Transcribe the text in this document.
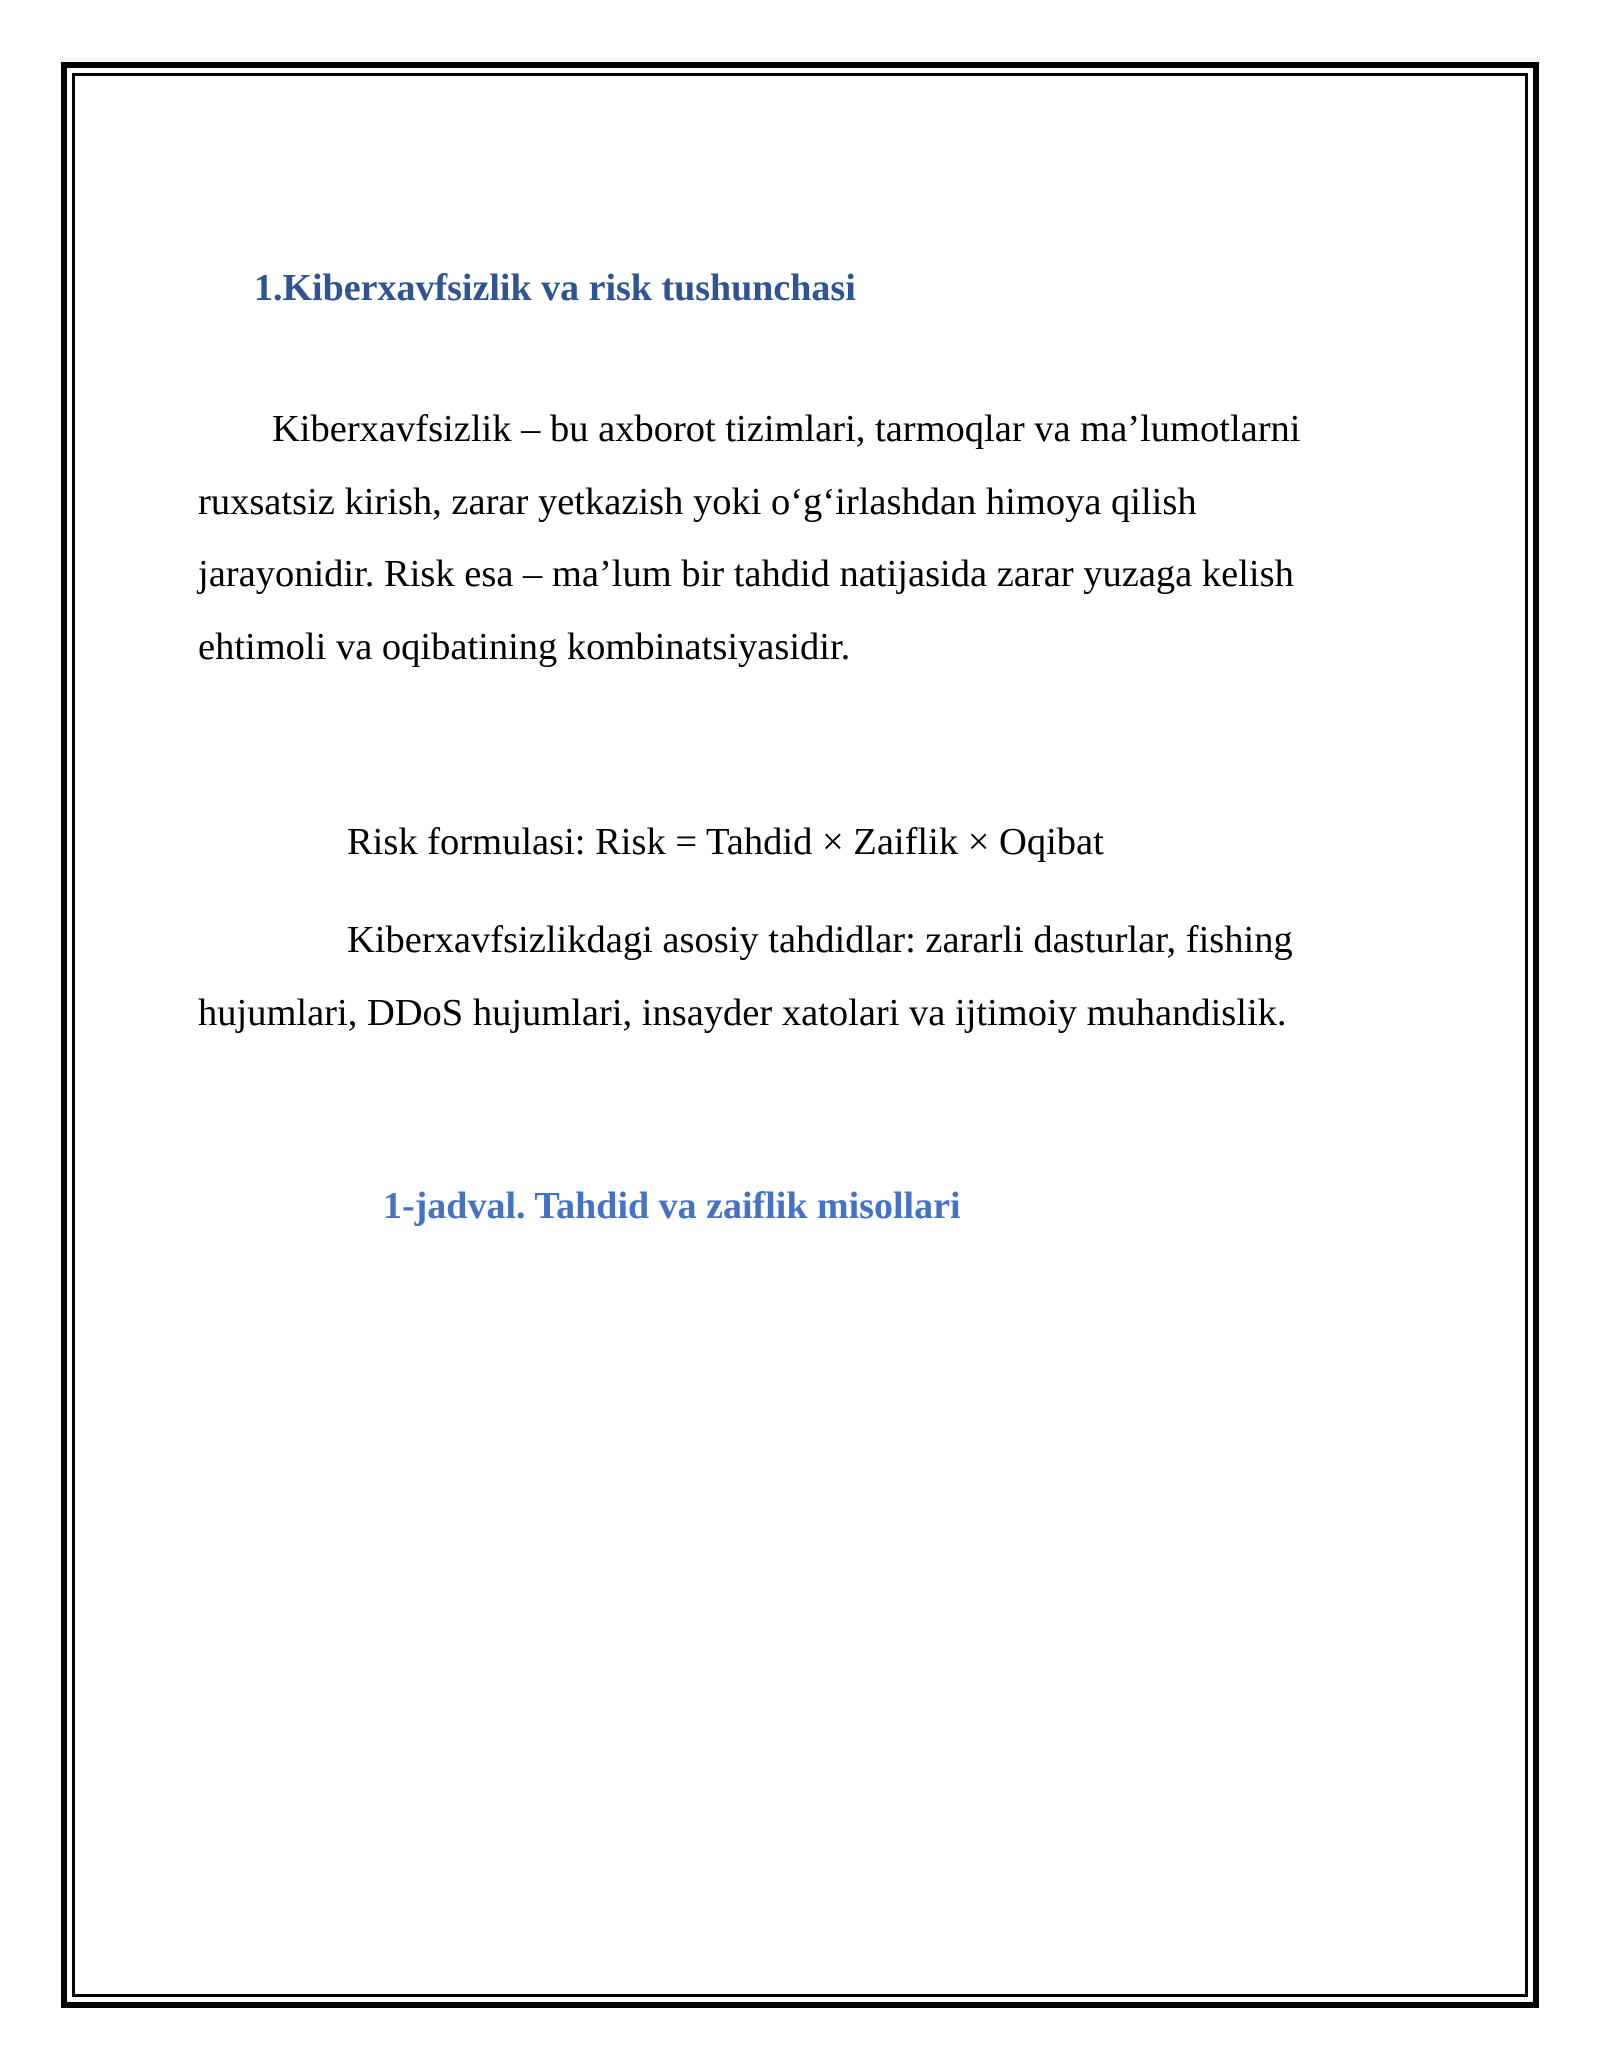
1.Kiberxavfsizlik va risk tushunchasi

Kiberxavfsizlik – bu axborot tizimlari, tarmoqlar va ma’lumotlarni
ruxsatsiz kirish, zarar yetkazish yoki o‘g‘irlashdan himoya qilish
jarayonidir. Risk esa – ma’lum bir tahdid natijasida zarar yuzaga kelish
ehtimoli va oqibatining kombinatsiyasidir.

Risk formulasi: Risk = Tahdid × Zaiflik × Oqibat

Kiberxavfsizlikdagi asosiy tahdidlar: zararli dasturlar, fishing
hujumlari, DDoS hujumlari, insayder xatolari va ijtimoiy muhandislik.

1-jadval. Tahdid va zaiflik misollari
